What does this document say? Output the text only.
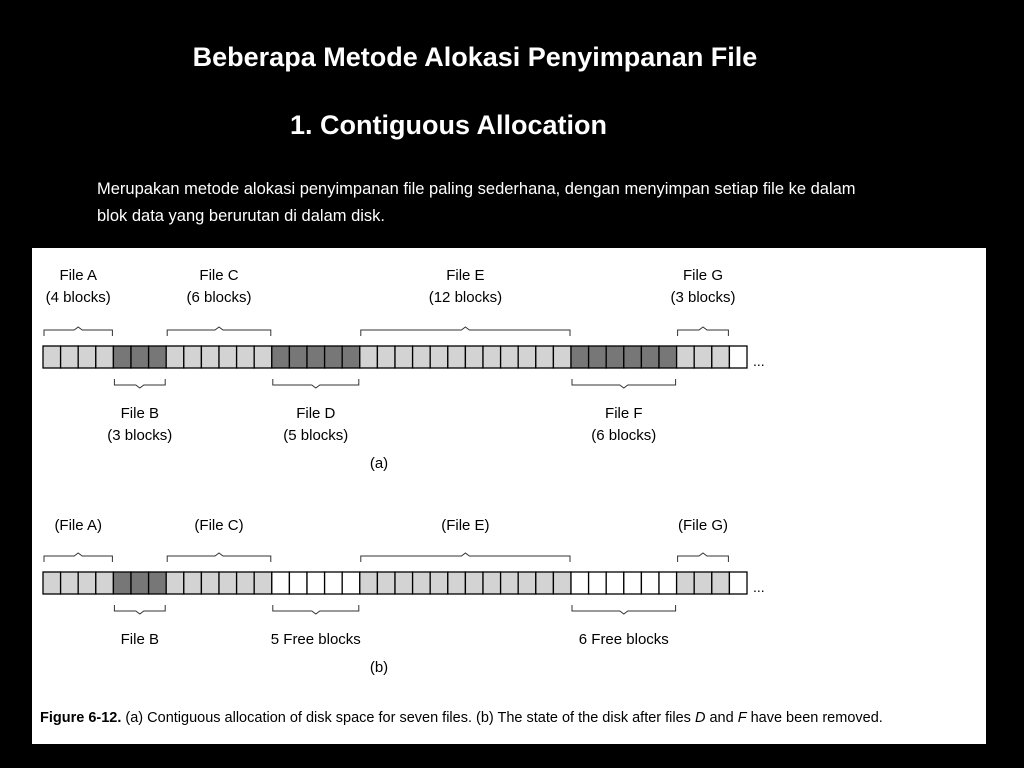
Beberapa Metode Alokasi Penyimpanan File
1. Contiguous Allocation
Merupakan metode alokasi penyimpanan file paling sederhana, dengan menyimpan setiap file ke dalam blok data yang berurutan di dalam disk.
File A
(4 blocks)
File B
(3 blocks)
File C
(6 blocks)
File D
(5 blocks)
File E
(12 blocks)
File F
(6 blocks)
File G
(3 blocks)
...
(File A)
File B
(File C)
5 Free blocks
(File E)
6 Free blocks
(File G)
...
(a)
(b)
Figure 6-12. (a) Contiguous allocation of disk space for seven files. (b) The state of the disk after files D and F have been removed.
